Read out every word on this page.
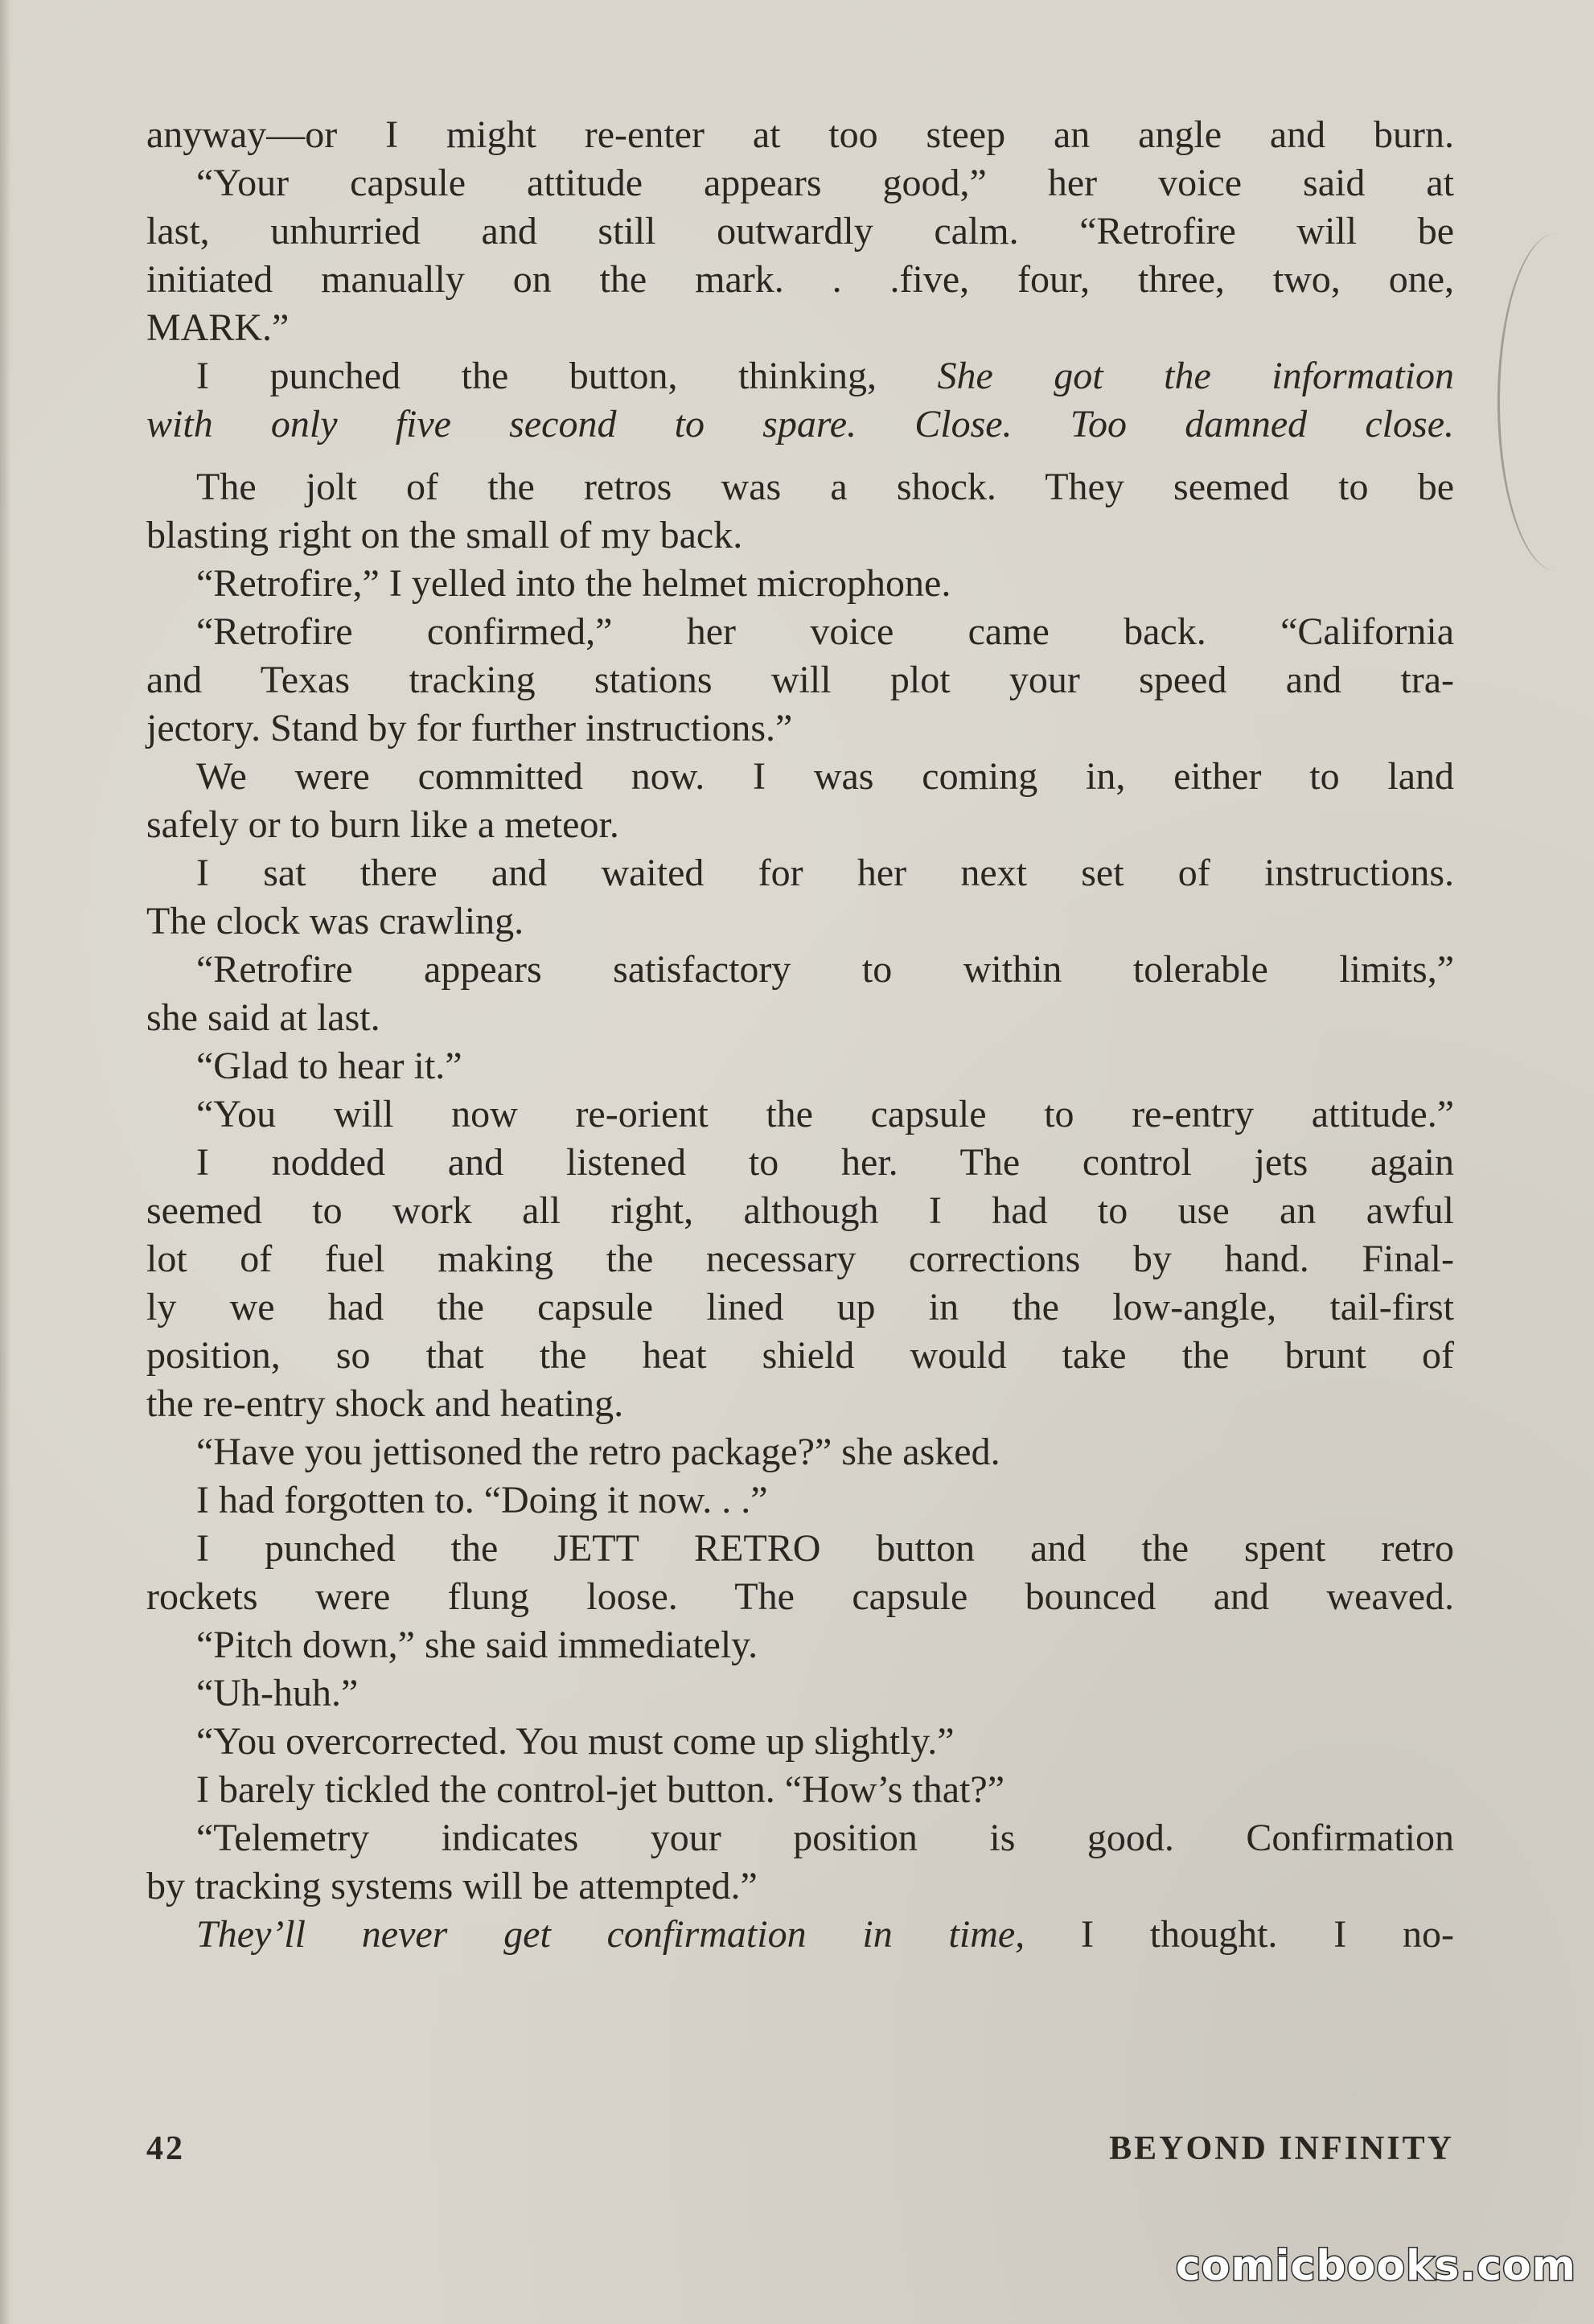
anyway—or I might re-enter at too steep an angle and burn.
“Your capsule attitude appears good,” her voice said at
last, unhurried and still outwardly calm. “Retrofire will be
initiated manually on the mark. . .five, four, three, two, one,
MARK.”
I punched the button, thinking, She got the information
with only five second to spare. Close. Too damned close.
The jolt of the retros was a shock. They seemed to be
blasting right on the small of my back.
“Retrofire,” I yelled into the helmet microphone.
“Retrofire confirmed,” her voice came back. “California
and Texas tracking stations will plot your speed and tra-
jectory. Stand by for further instructions.”
We were committed now. I was coming in, either to land
safely or to burn like a meteor.
I sat there and waited for her next set of instructions.
The clock was crawling.
“Retrofire appears satisfactory to within tolerable limits,”
she said at last.
“Glad to hear it.”
“You will now re-orient the capsule to re-entry attitude.”
I nodded and listened to her. The control jets again
seemed to work all right, although I had to use an awful
lot of fuel making the necessary corrections by hand. Final-
ly we had the capsule lined up in the low-angle, tail-first
position, so that the heat shield would take the brunt of
the re-entry shock and heating.
“Have you jettisoned the retro package?” she asked.
I had forgotten to. “Doing it now. . .”
I punched the JETT RETRO button and the spent retro
rockets were flung loose. The capsule bounced and weaved.
“Pitch down,” she said immediately.
“Uh-huh.”
“You overcorrected. You must come up slightly.”
I barely tickled the control-jet button. “How’s that?”
“Telemetry indicates your position is good. Confirmation
by tracking systems will be attempted.”
They’ll never get confirmation in time, I thought. I no-
42	BEYOND INFINITY
comicbooks.com
